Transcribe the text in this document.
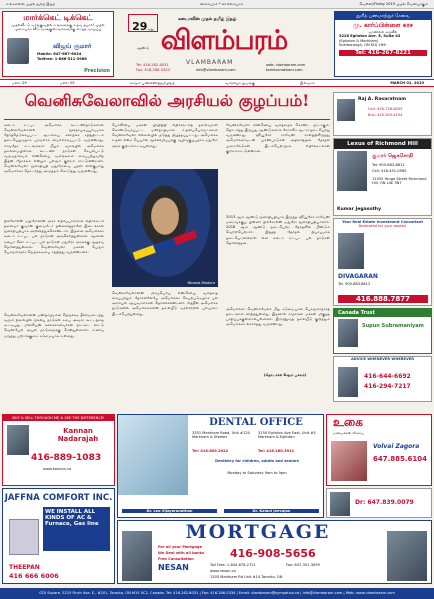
உலகளவில் முதல் தமிழ் இதழ்	விளம்பரம் * வி.எலம்பரம்	வெள்ளி/Friday 2019 முதல் வெளியாகும்
மார்க்கெட் டிக்கெட்
முதல்வீட்டு வாங்குவதில் உங்களுக்கு உதவ தயார்! முதல் முறையாக வீடு வாங்குகிறவர்களுக்கு சிறந்த வாய்ப்பு
விஜய் குமார்
Mobile: 647-667-6034
Tollfree: 1-866-511-3966
Precision
29வது ஆண்டு
கனடாவின் முதல் தமிழ் இதழ்
விளம்பரம்
VLAMBARAM
Tel: 416-262-8031
Fax: 416-286-0334	info@vlambaram.com
web: vlambaram.com
tamilvanakkam.com
தூரித் பணமாற்றுச் சேவை
மு. கார்ப்பிள்ளை காச
வானில்ல கருவீல்
3228 Eglinton Ave. E, Suite 43
(Eglinton & Markham)
Scarborough, ON M1J 2H6
Tel: 416-267-8221
மலர்: 29	மலர்: 05	காரும் முன்னணித்தமிழிதழ்	வாரவிழா துவங்கு	இலவசம்	MARCH 01, 2019
வெனிசுவேலாவில் அரசியல் குழப்பம்!
கனடா உட்பட அமெரிக்க கூட்டணிநாடுகளால் வெனிசுவேலாவில் ஜனநாயகப்பூர்வமாக தேர்ந்தெடுக்கப்பட்ட ஆட்சியை கவிழ்க்க சதித்திட்டம் நடைபெறுவதாக பரவலாக விமர்சிக்கப்பட்டு வருகின்றது. சர்வதேச சட்டங்களை மீறும் வகையில் அமெரிக்க தலைமையிலான கூட்டணி நாடுகள் செயல்பட்டு வருவதாகவும் எண்ணெய் வளங்களை கைப்பற்றுவதே இதன் நோக்கம் என்றும் பலரும் குற்றம் சாட்டுகின்றனர். வெனிசுவேலா ஜனாதிபதி மதுரோவை பதவி விலகுமாறு அமெரிக்கா தொடர்ந்து அழுத்தம் கொடுத்து வருகின்றது.
நிக்கோலஸ் மதுரோவின் அரச எதிர்ப்பாளரான எதிர்க்கட்சி தலைவர் குவான் குவைடோ தன்னைத்தானே இடைக்கால ஜனாதிபதியாக அறிவித்துக்கொண்டார். இதனை அமெரிக்கா கனடா உட்பட பல நாடுகள் அங்கீகரித்துள்ளன. ஆனால் ரஷ்யா சீனா உட்பட பல நாடுகள் மதுரோ அரசுக்கு ஆதரவு தெரிவித்துள்ளன. வெனிசுவேலா மக்கள் பெரும் பொருளாதார நெருக்கடியை சந்தித்து வருகின்றனர்.
வெனிசுவேலாவின் மனிதாபிமான நெருக்கடி தீவிரமடைந்து வரும் நிலையில் ஐக்கிய நாடுகள் சபை அவசர கூட்டத்தை கூட்டியது. மில்லியன் கணக்கானவர்கள் நாட்டை விட்டு வெளியேறி அயல் நாடுகளுக்கு சென்றுள்ளனர். உணவு மருந்து பற்றாக்குறை கடுமையாக உள்ளது.
பொலிவிய மக்கள் பிரதிநிதி எதிர்க்கட்சித் தலைவரால் கொண்டுவரப்பட்ட மனிதாபிமான உதவிப்பொருட்களை வெனிசுவேலா எல்லையில் தடுத்து நிறுத்தப்பட்டது. அமெரிக்க உதவி என்ற பெயரில் ஆக்கிரமிப்புக்கு வழிவகுப்பதாக மதுரோ அரசு குற்றம்சாட்டியுள்ளது.
Nicolas Maduro
வெனிசுவேலாவின் மிகப்பெரிய எண்ணெய் வளத்தை கைப்பற்றும் நோக்கிலேயே அமெரிக்கா செயற்படுவதாக பல அரசியல் ஆய்வாளர்கள் தெரிவிக்கின்றனர். லத்தீன் அமெரிக்க நாடுகளில் அமெரிக்காவின் தலையீடு வரலாற்றில் பலமுறை இடம்பெற்றுள்ளது.
வேனிசுவேலா எண்ணெய் வளத்தைக் கொண்ட நாடாகும். தொடர்ந்து இருபது ஆண்டுகளாக சோசலிச ஆட்சி நடைபெற்று வருகின்றது. ஹியூகோ சாவேஸ் காலத்திலிருந்து அமெரிக்காவுடன் முரண்பாடுகள் அதிகரித்தன. தேர்தல் முறைகேடுகள் இடம்பெற்றதாக எதிர்க்கட்சிகள் குற்றம்சாட்டுகின்றன.
2013 ஆம் ஆண்டு ஜனாதிபதியாக இருந்த ஹியூகோ சாவேஸ் மறைவுக்குப் பின்னர் நிக்கோலஸ் மதுரோ ஜனாதிபதியானார். 2018 ஆம் ஆண்டு நடைபெற்ற தேர்தலில் மீண்டும் வெற்றிபெற்றார். இந்தத் தேர்தல் நியாயமாக நடைபெறவில்லை என கனடா உட்பட பல நாடுகள் தெரிவித்தன.
அமெரிக்கா வெனிசுவேலா மீது கடுமையான பொருளாதாரத் தடைகளை விதித்துள்ளது. இதனால் சாதாரண மக்கள் மிகுந்த பாதிப்புக்குள்ளாகியுள்ளனர். இராணுவத் தலையீடு குறித்தும் அமெரிக்கா எச்சரித்து வருகின்றது.
(தொடர்ச்சி 8ஆம் பக்கம்)
Raj A. Rasaratnam
Cell: 416-726-8055
Bus: 416-283-4194
Lexus of Richmond Hill
குமார் ஜெகசோதி
Tel: 905-883-8812
Cell: 416-451-0565
11552 Yonge Street Richmond Hill, ON L4E 3N7
Kumar Jegasothy
Your Real Estate Investment Consultant
Dedicated for your assets!
DIVAGARAN
Tel. 905.883.8812
416.888.7877
Canada Trust
Supun Subramaniyam
ADVICE WHENEVER WHEREVER
416-644-6692
416-294-7217
BUY & SELL THROUGH ME & SEE THE DIFFERENCE!
Kannan Nadarajah
416-889-1083
www.kannan.ca
DENTAL OFFICE
3351 Markham Road, Unit #120 Markham & Steeles
Tel: 416.609.2022
3150 Eglinton Ave East, Unit #5 Markham & Eglinton
Tel: 416.260.3911
Dentistry for children, adults and seniors
Monday to Saturday 9am to 9pm
Dr. Leo Vijayaranathan	Dr. Kalani Jeevajan
உகை
மணமக்கள் சேவை
Volvai Zagora
647.885.6104
Dr: 647.839.0079
JAFFNA COMFORT INC.
WE INSTALL ALL KINDS OF AC & Furnace, Gas line
THEEPAN
416 666 6006
MORTGAGE
For all your Mortgage
We Deal with all banks
Free Consultation
NESAN
416-908-5656
Toll Free: 1-844-878-2721	Fax: 647-351-3099
www.nesan.ca
1305 Markham Rd Unit #14 Toronto, ON
GTA Square, 5215 Finch Ave. E., #201, Toronto, ON M1S 0C2, Canada. Tel: 416.262.8031 | Fax: 416.286.0334 | Email: vlambaram@sympatico.ca | info@vlambaram.com | Web: www.vlambaram.com
